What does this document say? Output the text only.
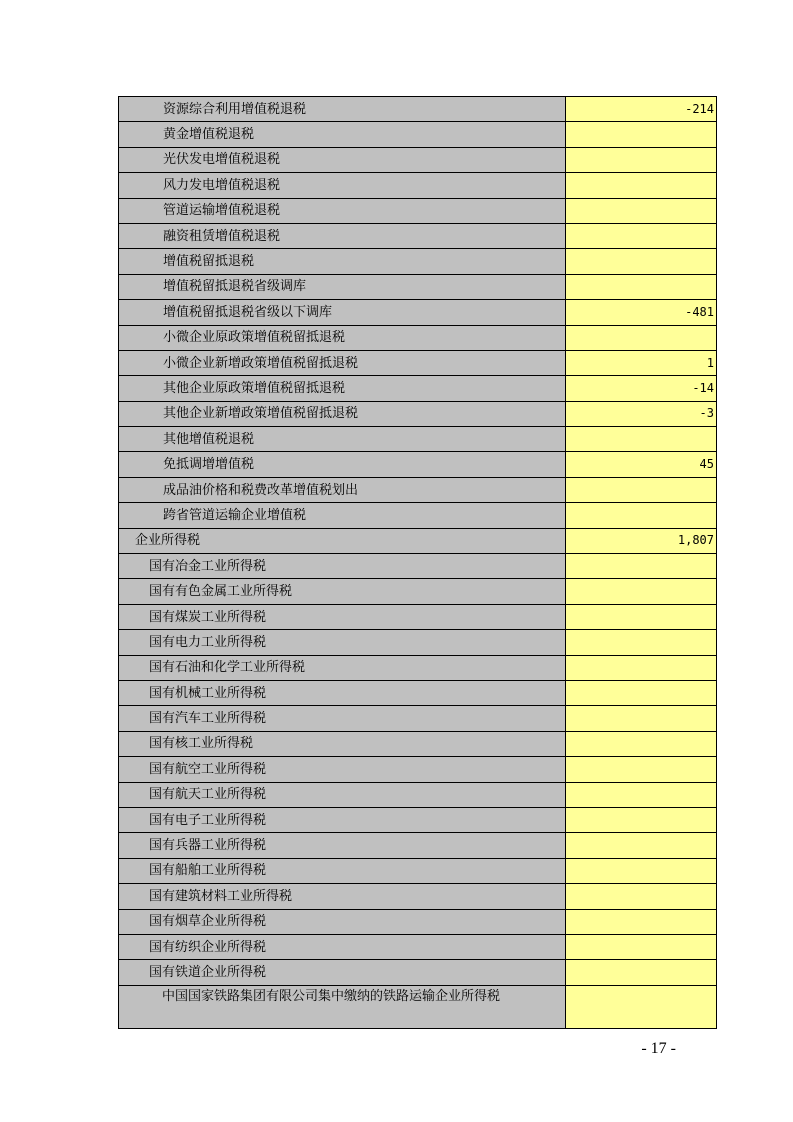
资源综合利用增值税退税	-214
黄金增值税退税	
光伏发电增值税退税	
风力发电增值税退税	
管道运输增值税退税	
融资租赁增值税退税	
增值税留抵退税	
增值税留抵退税省级调库	
增值税留抵退税省级以下调库	-481
小微企业原政策增值税留抵退税	
小微企业新增政策增值税留抵退税	1
其他企业原政策增值税留抵退税	-14
其他企业新增政策增值税留抵退税	-3
其他增值税退税	
免抵调增增值税	45
成品油价格和税费改革增值税划出	
跨省管道运输企业增值税	
企业所得税	1,807
国有冶金工业所得税	
国有有色金属工业所得税	
国有煤炭工业所得税	
国有电力工业所得税	
国有石油和化学工业所得税	
国有机械工业所得税	
国有汽车工业所得税	
国有核工业所得税	
国有航空工业所得税	
国有航天工业所得税	
国有电子工业所得税	
国有兵器工业所得税	
国有船舶工业所得税	
国有建筑材料工业所得税	
国有烟草企业所得税	
国有纺织企业所得税	
国有铁道企业所得税	
中国国家铁路集团有限公司集中缴纳的铁路运输企业所得税	
- 17 -
